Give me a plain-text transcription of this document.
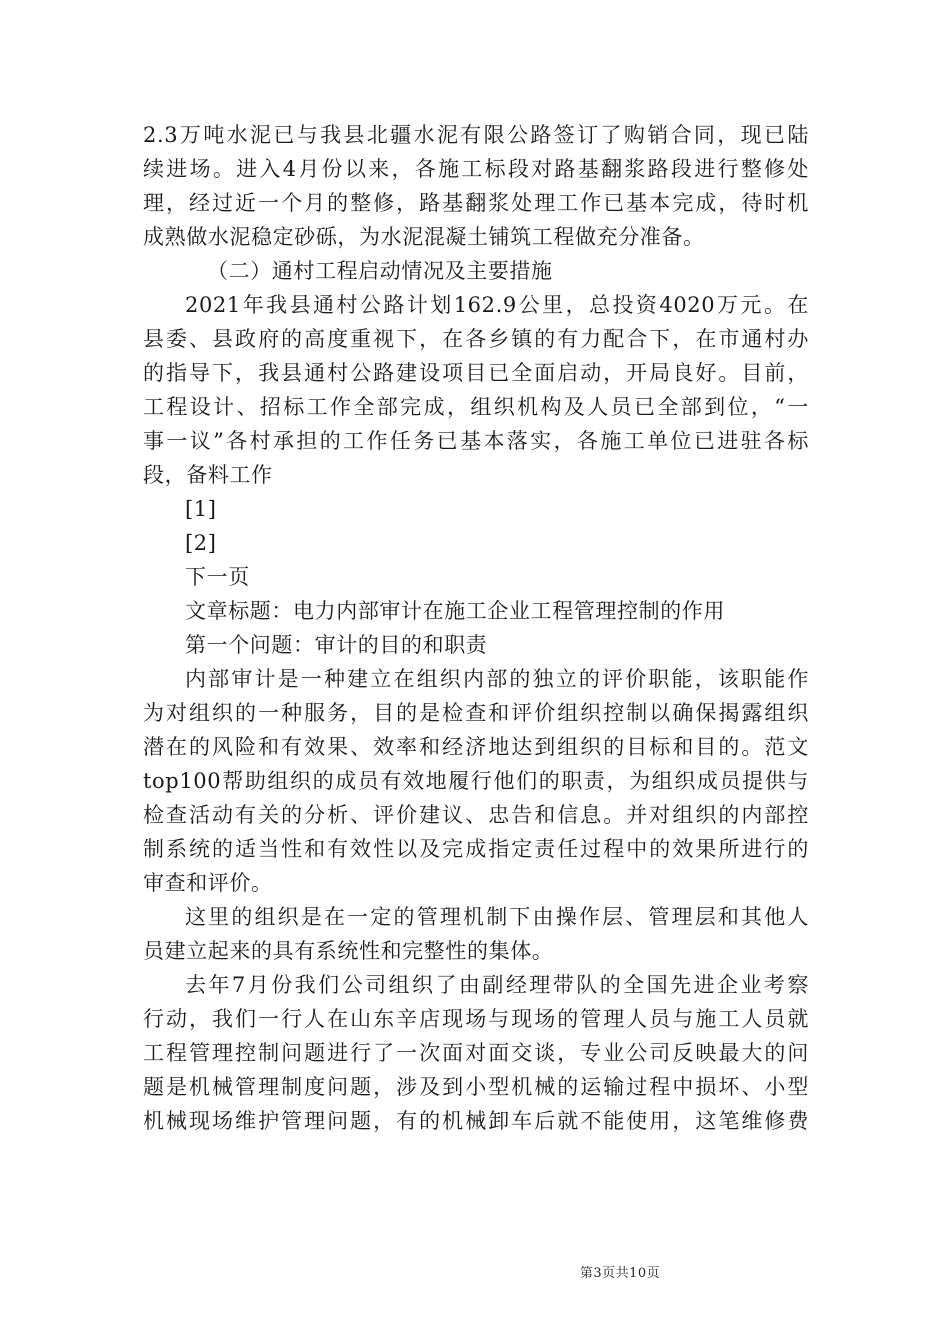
2.3万吨水泥已与我县北疆水泥有限公路签订了购销合同，现已陆
续进场。进入4月份以来，各施工标段对路基翻浆路段进行整修处
理，经过近一个月的整修，路基翻浆处理工作已基本完成，待时机
成熟做水泥稳定砂砾，为水泥混凝土铺筑工程做充分准备。
（二）通村工程启动情况及主要措施
2021年我县通村公路计划162.9公里，总投资4020万元。在
县委、县政府的高度重视下，在各乡镇的有力配合下，在市通村办
的指导下，我县通村公路建设项目已全面启动，开局良好。目前，
工程设计、招标工作全部完成，组织机构及人员已全部到位，“一
事一议”各村承担的工作任务已基本落实，各施工单位已进驻各标
段，备料工作
[1]
[2]
下一页
文章标题：电力内部审计在施工企业工程管理控制的作用
第一个问题：审计的目的和职责
内部审计是一种建立在组织内部的独立的评价职能，该职能作
为对组织的一种服务，目的是检查和评价组织控制以确保揭露组织
潜在的风险和有效果、效率和经济地达到组织的目标和目的。范文
top100帮助组织的成员有效地履行他们的职责，为组织成员提供与
检查活动有关的分析、评价建议、忠告和信息。并对组织的内部控
制系统的适当性和有效性以及完成指定责任过程中的效果所进行的
审查和评价。
这里的组织是在一定的管理机制下由操作层、管理层和其他人
员建立起来的具有系统性和完整性的集体。
去年7月份我们公司组织了由副经理带队的全国先进企业考察
行动，我们一行人在山东辛店现场与现场的管理人员与施工人员就
工程管理控制问题进行了一次面对面交谈，专业公司反映最大的问
题是机械管理制度问题，涉及到小型机械的运输过程中损坏、小型
机械现场维护管理问题，有的机械卸车后就不能使用，这笔维修费
第3页共10页
